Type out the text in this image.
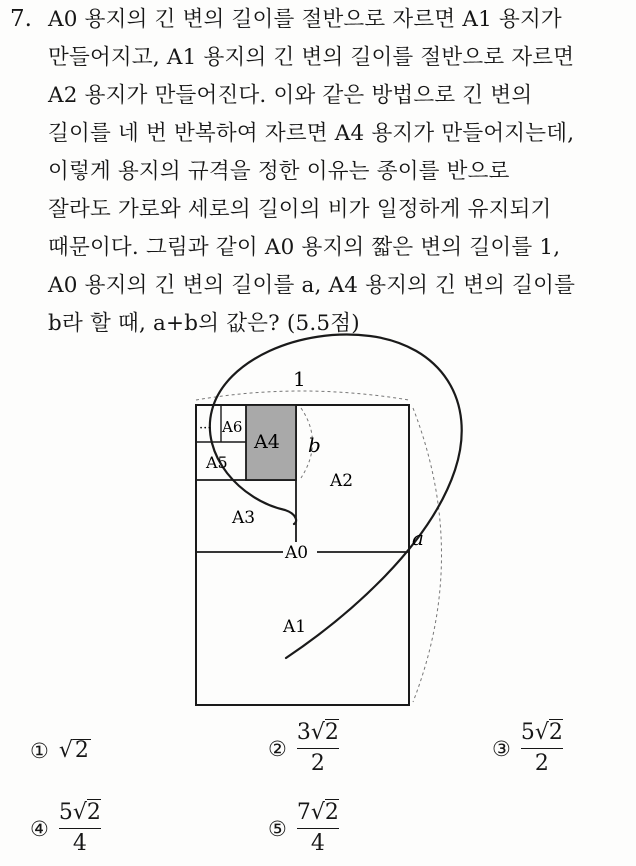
7. A0 용지의 긴 변의 길이를 절반으로 자르면 A1 용지가
만들어지고, A1 용지의 긴 변의 길이를 절반으로 자르면
A2 용지가 만들어진다. 이와 같은 방법으로 긴 변의
길이를 네 번 반복하여 자르면 A4 용지가 만들어지는데,
이렇게 용지의 규격을 정한 이유는 종이를 반으로
잘라도 가로와 세로의 길이의 비가 일정하게 유지되기
때문이다. 그림과 같이 A0 용지의 짧은 변의 길이를 1,
A0 용지의 긴 변의 길이를 a, A4 용지의 긴 변의 길이를
b라 할 때, a+b의 값은? (5.5점)
1
b
a
A4
A6
···
A5
A3
A2
A0
A1
① √ 2	② $\frac{3√2}{2}$	③ $\frac{5√2}{2}$
④ $\frac{5√2}{4}$	⑤ $\frac{7√2}{4}$
